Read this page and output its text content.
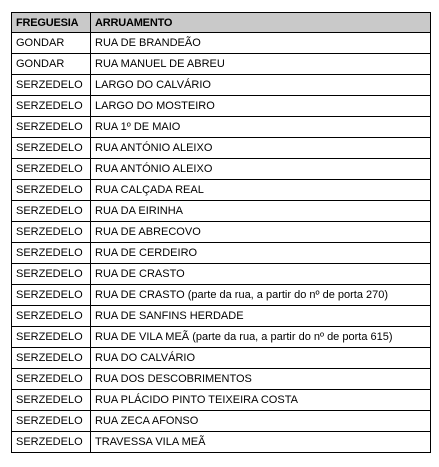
FREGUESIA	ARRUAMENTO
GONDAR	RUA DE BRANDEÃO
GONDAR	RUA MANUEL DE ABREU
SERZEDELO	LARGO DO CALVÁRIO
SERZEDELO	LARGO DO MOSTEIRO
SERZEDELO	RUA 1º DE MAIO
SERZEDELO	RUA ANTÓNIO ALEIXO
SERZEDELO	RUA ANTÓNIO ALEIXO
SERZEDELO	RUA CALÇADA REAL
SERZEDELO	RUA DA EIRINHA
SERZEDELO	RUA DE ABRECOVO
SERZEDELO	RUA DE CERDEIRO
SERZEDELO	RUA DE CRASTO
SERZEDELO	RUA DE CRASTO (parte da rua, a partir do nº de porta 270)
SERZEDELO	RUA DE SANFINS HERDADE
SERZEDELO	RUA DE VILA MEÃ (parte da rua, a partir do nº de porta 615)
SERZEDELO	RUA DO CALVÁRIO
SERZEDELO	RUA DOS DESCOBRIMENTOS
SERZEDELO	RUA PLÁCIDO PINTO TEIXEIRA COSTA
SERZEDELO	RUA ZECA AFONSO
SERZEDELO	TRAVESSA VILA MEÃ
